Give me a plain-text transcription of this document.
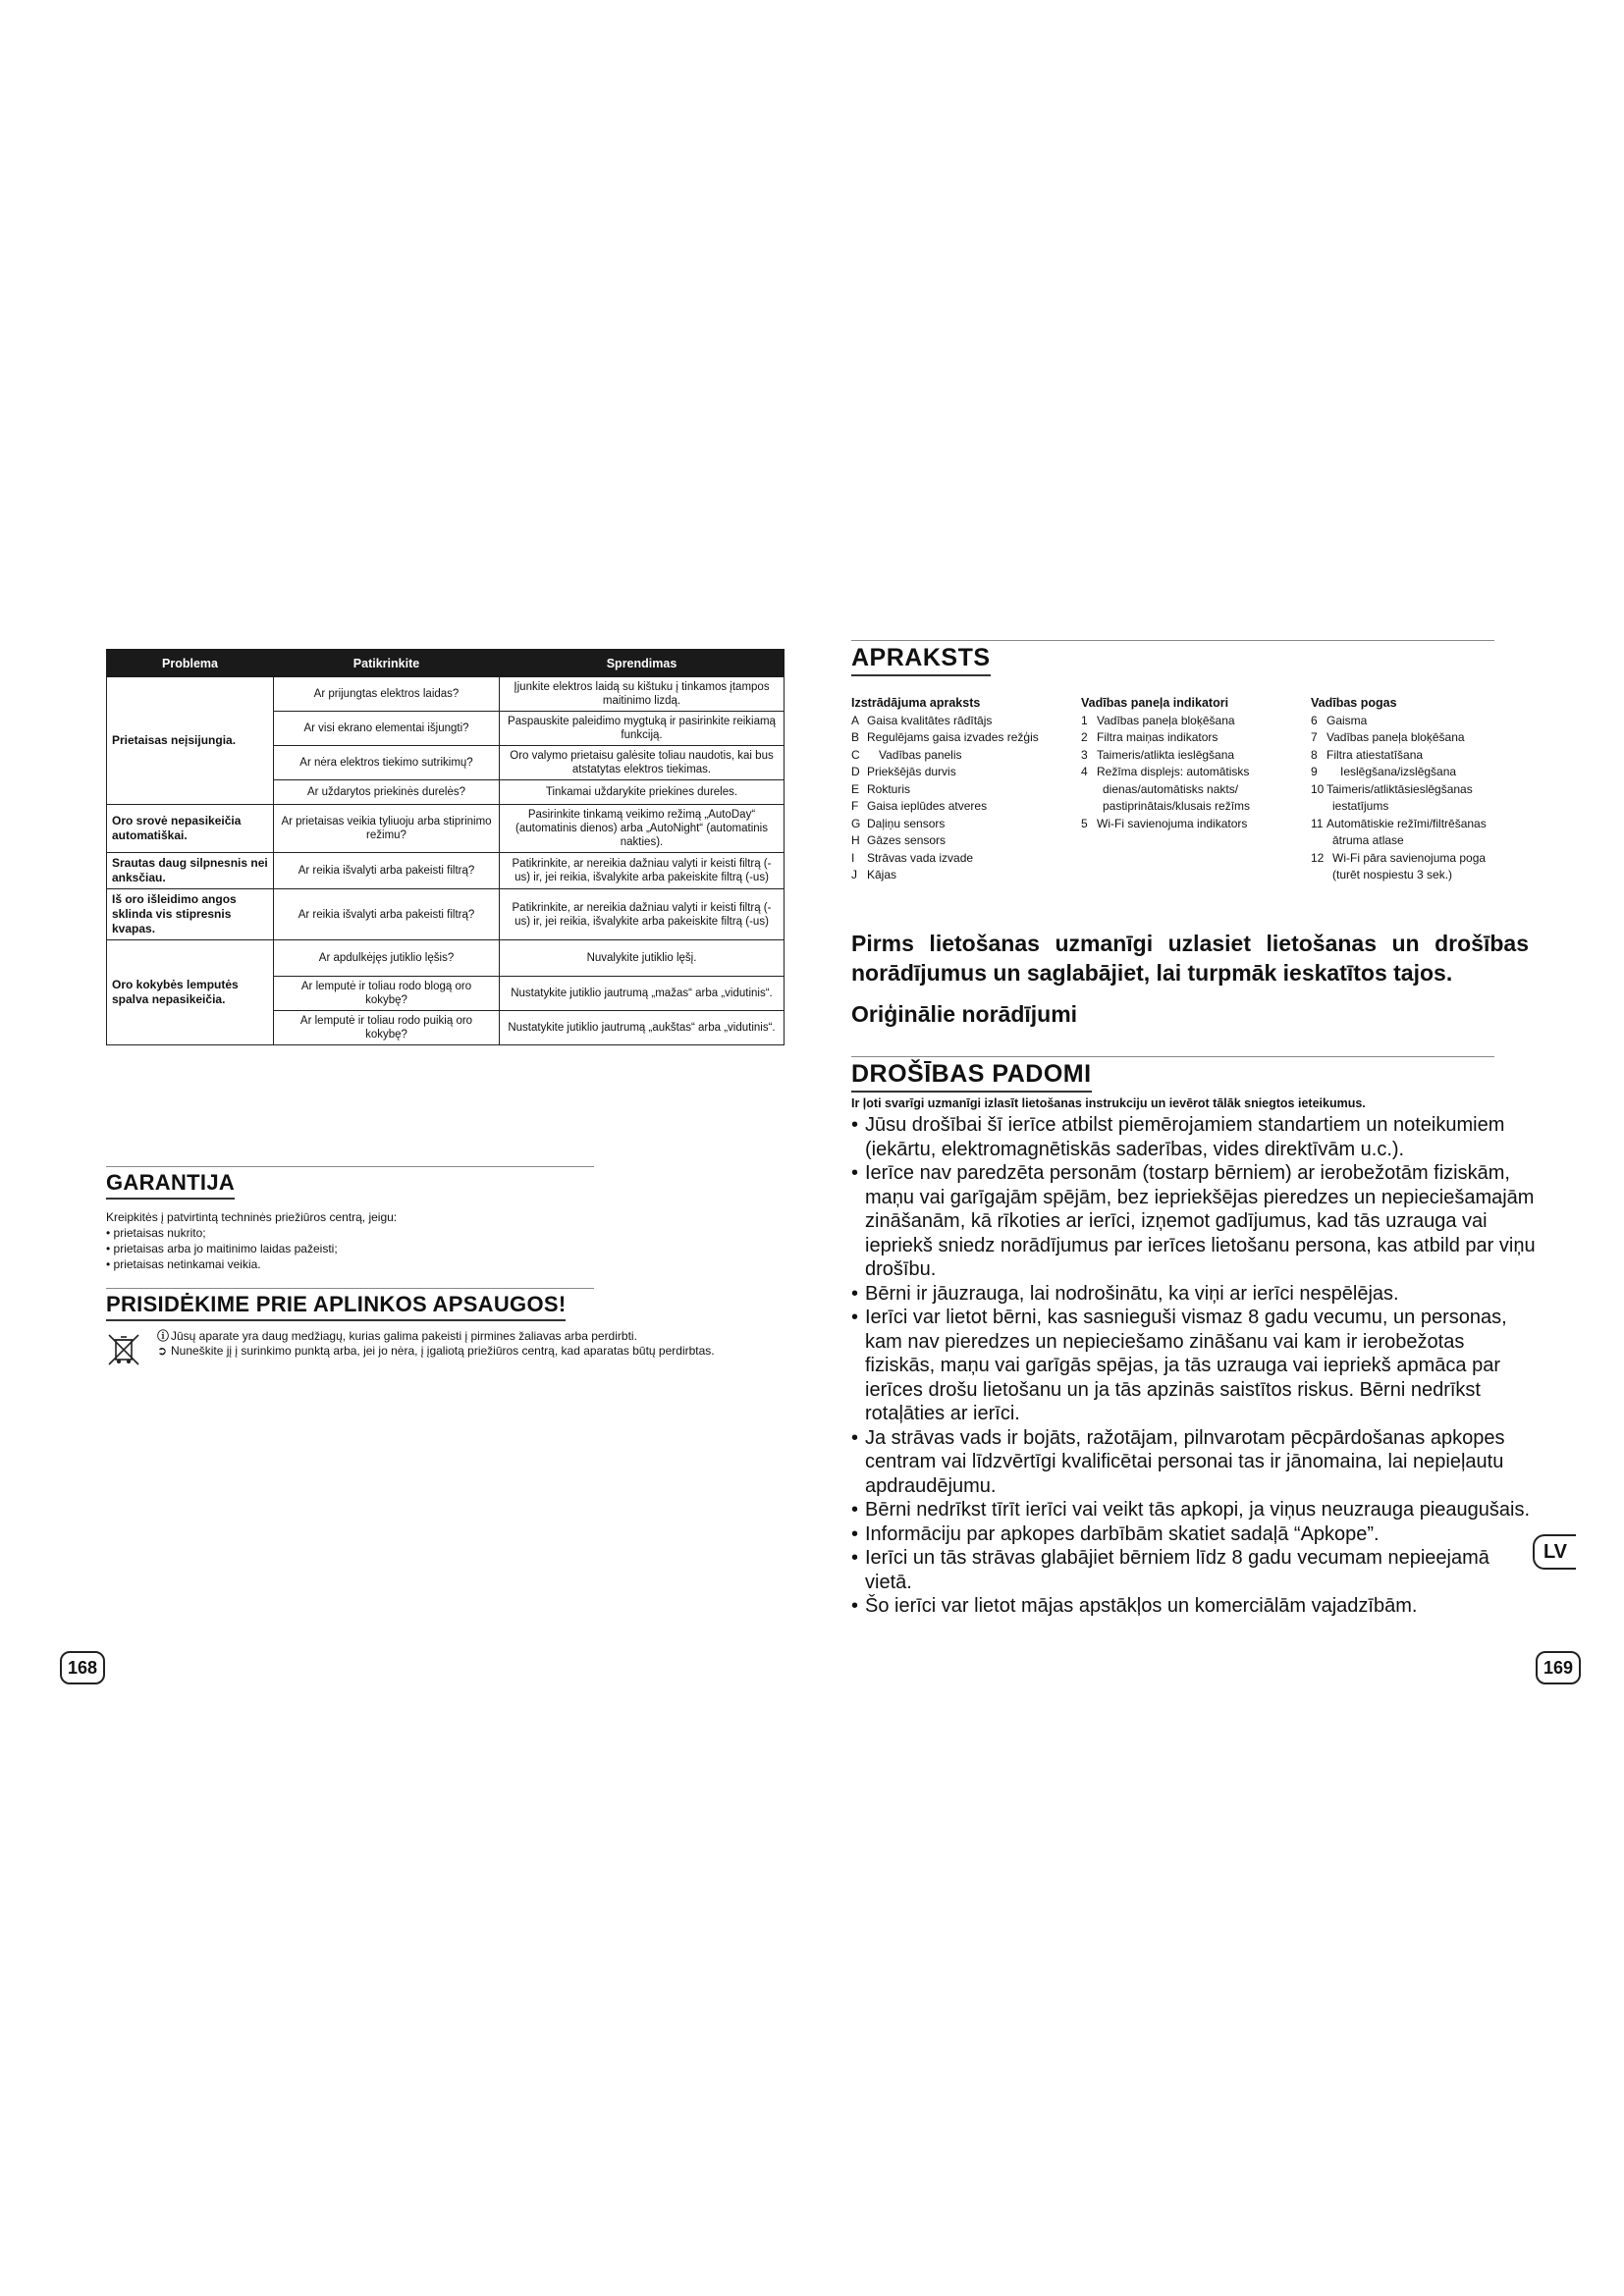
Problema	Patikrinkite	Sprendimas
Prietaisas neįsijungia.	Ar prijungtas elektros laidas?	Įjunkite elektros laidą su kištuku į tinkamos įtampos maitinimo lizdą.
	Ar visi ekrano elementai išjungti?	Paspauskite paleidimo mygtuką ir pasirinkite reikiamą funkciją.
	Ar nėra elektros tiekimo sutrikimų?	Oro valymo prietaisu galėsite toliau naudotis, kai bus atstatytas elektros tiekimas.
	Ar uždarytos priekinės durelės?	Tinkamai uždarykite priekines dureles.
Oro srovė nepasikeičia automatiškai.	Ar prietaisas veikia tyliuoju arba stiprinimo režimu?	Pasirinkite tinkamą veikimo režimą „AutoDay“ (automatinis dienos) arba „AutoNight“ (automatinis nakties).
Srautas daug silpnesnis nei anksčiau.	Ar reikia išvalyti arba pakeisti filtrą?	Patikrinkite, ar nereikia dažniau valyti ir keisti filtrą (-us) ir, jei reikia, išvalykite arba pakeiskite filtrą (-us)
Iš oro išleidimo angos sklinda vis stipresnis kvapas.	Ar reikia išvalyti arba pakeisti filtrą?	Patikrinkite, ar nereikia dažniau valyti ir keisti filtrą (-us) ir, jei reikia, išvalykite arba pakeiskite filtrą (-us)
Oro kokybės lemputės spalva nepasikeičia.	Ar apdulkėjęs jutiklio lęšis?	Nuvalykite jutiklio lęšį.
	Ar lemputė ir toliau rodo blogą oro kokybę?	Nustatykite jutiklio jautrumą „mažas“ arba „vidutinis“.
	Ar lemputė ir toliau rodo puikią oro kokybę?	Nustatykite jutiklio jautrumą „aukštas“ arba „vidutinis“.
GARANTIJA
Kreipkitės į patvirtintą techninės priežiūros centrą, jeigu:
• prietaisas nukrito;
• prietaisas arba jo maitinimo laidas pažeisti;
• prietaisas netinkamai veikia.
PRISIDĖKIME PRIE APLINKOS APSAUGOS!
ⓘ Jūsų aparate yra daug medžiagų, kurias galima pakeisti į pirmines žaliavas arba perdirbti.
➲ Nuneškite jį į surinkimo punktą arba, jei jo nėra, į įgaliotą priežiūros centrą, kad aparatas būtų perdirbtas.
168
APRAKSTS
Izstrādājuma apraksts
A Gaisa kvalitātes rādītājs
B Regulējams gaisa izvades režģis
C	Vadības panelis
D Priekšējās durvis
E Rokturis
F Gaisa ieplūdes atveres
G Daļiņu sensors
H Gāzes sensors
I	Strāvas vada izvade
J Kājas
Vadības paneļa indikatori
1 Vadības paneļa bloķēšana
2 Filtra maiņas indikators
3 Taimeris/atlikta ieslēgšana
4 Režīma displejs: automātisks
dienas/automātisks nakts/ pastiprinātais/klusais režīms
5 Wi-Fi savienojuma indikators
Vadības pogas
6 Gaisma
7 Vadības paneļa bloķēšana
8 Filtra atiestatīšana
9	Ieslēgšana/izslēgšana
10 Taimeris/atliktāsieslēgšanas
iestatījums
11 Automātiskie režīmi/filtrēšanas
ātruma atlase
12 Wi-Fi pāra savienojuma poga
(turēt nospiestu 3 sek.)
Pirms lietošanas uzmanīgi uzlasiet lietošanas un drošības norādījumus un saglabājiet, lai turpmāk ieskatītos tajos.
Oriģinālie norādījumi
DROŠĪBAS PADOMI
Ir ļoti svarīgi uzmanīgi izlasīt lietošanas instrukciju un ievērot tālāk sniegtos ieteikumus.
• Jūsu drošībai šī ierīce atbilst piemērojamiem standartiem un noteikumiem (iekārtu, elektromagnētiskās saderības, vides direktīvām u.c.).
• Ierīce nav paredzēta personām (tostarp bērniem) ar ierobežotām fiziskām, maņu vai garīgajām spējām, bez iepriekšējas pieredzes un nepieciešamajām zināšanām, kā rīkoties ar ierīci, izņemot gadījumus, kad tās uzrauga vai iepriekš sniedz norādījumus par ierīces lietošanu persona, kas atbild par viņu drošību.
• Bērni ir jāuzrauga, lai nodrošinātu, ka viņi ar ierīci nespēlējas.
• Ierīci var lietot bērni, kas sasnieguši vismaz 8 gadu vecumu, un personas, kam nav pieredzes un nepieciešamo zināšanu vai kam ir ierobežotas fiziskās, maņu vai garīgās spējas, ja tās uzrauga vai iepriekš apmāca par ierīces drošu lietošanu un ja tās apzinās saistītos riskus. Bērni nedrīkst rotaļāties ar ierīci.
• Ja strāvas vads ir bojāts, ražotājam, pilnvarotam pēcpārdošanas apkopes centram vai līdzvērtīgi kvalificētai personai tas ir jānomaina, lai nepieļautu apdraudējumu.
• Bērni nedrīkst tīrīt ierīci vai veikt tās apkopi, ja viņus neuzrauga pieaugušais.
• Informāciju par apkopes darbībām skatiet sadaļā “Apkope”.
• Ierīci un tās strāvas glabājiet bērniem līdz 8 gadu vecumam nepieejamā vietā.
• Šo ierīci var lietot mājas apstākļos un komerciālām vajadzībām.
LV
169
